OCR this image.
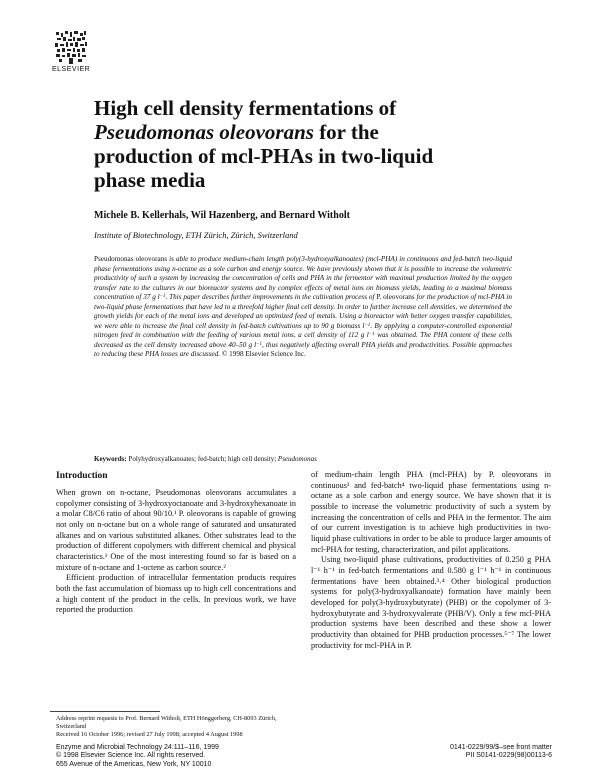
ELSEVIER
High cell density fermentations of
Pseudomonas oleovorans for the
production of mcl-PHAs in two-liquid
phase media
Michele B. Kellerhals, Wil Hazenberg, and Bernard Witholt
Institute of Biotechnology, ETH Zürich, Zürich, Switzerland

Pseudomonas oleovorans is able to produce medium-chain length poly(3-hydroxyalkanoates) (mcl-PHA) in continuous and fed-batch two-liquid phase fermentations using n-octane as a sole carbon and energy source. We have previously shown that it is possible to increase the volumetric productivity of such a system by increasing the concentration of cells and PHA in the fermentor with maximal production limited by the oxygen transfer rate to the cultures in our bioreactor systems and by complex effects of metal ions on biomass yields, leading to a maximal biomass concentration of 37 g $l^{-1}$. This paper describes further improvements in the cultivation process of P. oleovorans for the production of mcl-PHA in two-liquid phase fermentations that have led to a threefold higher final cell density. In order to further increase cell densities, we determined the growth yields for each of the metal ions and developed an optimized feed of metals. Using a bioreactor with better oxygen transfer capabilities, we were able to increase the final cell density in fed-batch cultivations up to 90 g biomass $l^{-1}$. By applying a computer-controlled exponential nitrogen feed in combination with the feeding of various metal ions, a cell density of 112 g $l^{-1}$ was obtained. The PHA content of these cells decreased as the cell density increased above 40–50 g $l^{-1}$, thus negatively affecting overall PHA yields and productivities. Possible approaches to reducing these PHA losses are discussed. © 1998 Elsevier Science Inc.

Keywords: Polyhydroxyalkanoates; fed-batch; high cell density; Pseudomonas
Introduction

When grown on n-octane, Pseudomonas oleovorans accumulates a copolymer consisting of 3-hydroxyoctanoate and 3-hydroxyhexanoate in a molar C8/C6 ratio of about 90/10.¹ P. oleovorans is capable of growing not only on n-octane but on a whole range of saturated and unsaturated alkanes and on various substituted alkanes. Other substrates lead to the production of different copolymers with different chemical and physical characteristics.¹ One of the most interesting found so far is based on a mixture of n-octane and 1-octene as carbon source.²

Efficient production of intracellular fermentation products requires both the fast accumulation of biomass up to high cell concentrations and a high content of the product in the cells. In previous work, we have reported the production

of medium-chain length PHA (mcl-PHA) by P. oleovorans in continuous³ and fed-batch⁴ two-liquid phase fermentations using n-octane as a sole carbon and energy source. We have shown that it is possible to increase the volumetric productivity of such a system by increasing the concentration of cells and PHA in the fermentor. The aim of our current investigation is to achieve high productivities in two-liquid phase cultivations in order to be able to produce larger amounts of mcl-PHA for testing, characterization, and pilot applications.

Using two-liquid phase cultivations, productivities of 0.250 g PHA l⁻¹ h⁻¹ in fed-batch fermentations and 0.580 g l⁻¹ h⁻¹ in continuous fermentations have been obtained.³˒⁴ Other biological production systems for poly(3-hydroxyalkanoate) formation have mainly been developed for poly(3-hydroxybutyrate) (PHB) or the copolymer of 3-hydroxybutyrate and 3-hydroxyvalerate (PHB/V). Only a few mcl-PHA production systems have been described and these show a lower productivity than obtained for PHB production processes.⁵⁻⁷ The lower productivity for mcl-PHA in P.

Address reprint requests to Prof. Bernard Witholt, ETH Hönggerberg, CH-8093 Zürich, Switzerland
Received 16 October 1996; revised 27 July 1998; accepted 4 August 1998
Enzyme and Microbial Technology 24:111–116, 1999
© 1998 Elsevier Science Inc. All rights reserved.
655 Avenue of the Americas, New York, NY 10010
0141-0229/99/$–see front matter
PII S0141-0229(98)00113-6
